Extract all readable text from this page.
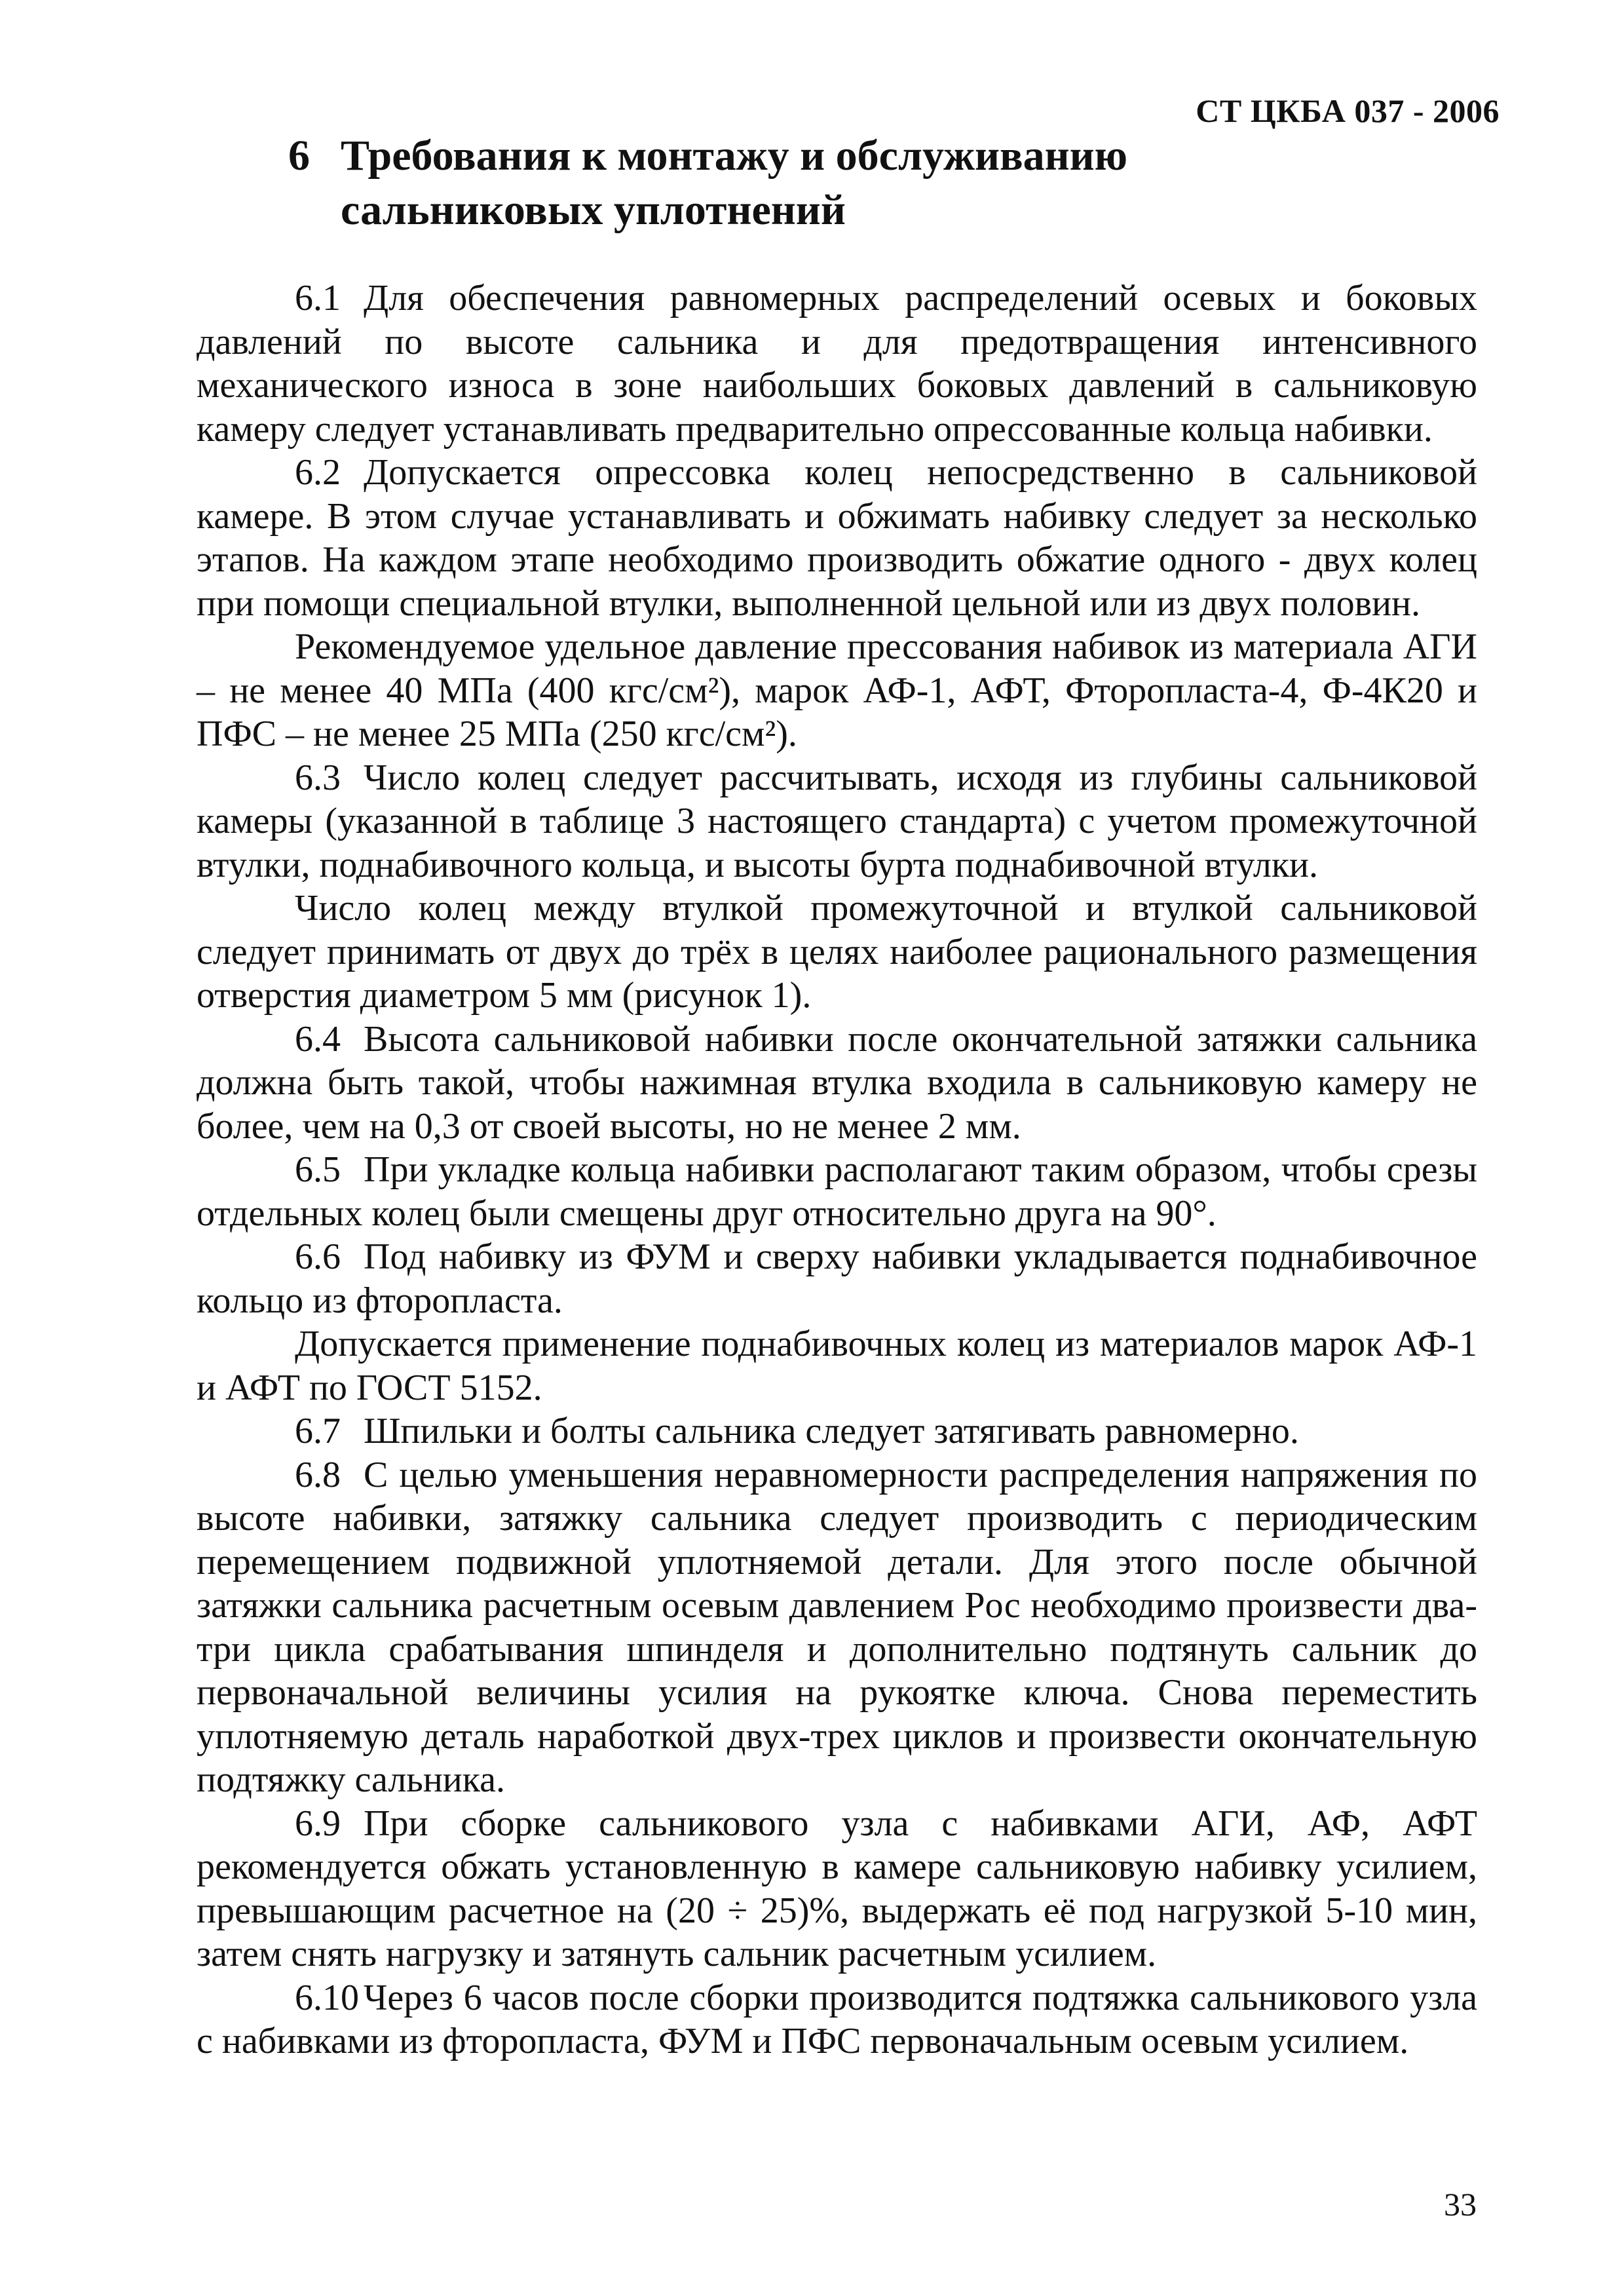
СТ ЦКБА 037 - 2006
6 Требования к монтажу и обслуживанию
сальниковых уплотнений

6.1 Для обеспечения равномерных распределений осевых и боковых давлений по высоте сальника и для предотвращения интенсивного механического износа в зоне наибольших боковых давлений в сальниковую камеру следует устанавливать предварительно опрессованные кольца набивки.

6.2 Допускается опрессовка колец непосредственно в сальниковой камере. В этом случае устанавливать и обжимать набивку следует за несколько этапов. На каждом этапе необходимо производить обжатие одного - двух колец при помощи специальной втулки, выполненной цельной или из двух половин.

Рекомендуемое удельное давление прессования набивок из материала АГИ – не менее 40 МПа (400 кгс/см²), марок АФ-1, АФТ, Фторопласта-4, Ф-4К20 и ПФС – не менее 25 МПа (250 кгс/см²).

6.3 Число колец следует рассчитывать, исходя из глубины сальниковой камеры (указанной в таблице 3 настоящего стандарта) с учетом промежуточной втулки, поднабивочного кольца, и высоты бурта поднабивочной втулки.

Число колец между втулкой промежуточной и втулкой сальниковой следует принимать от двух до трёх в целях наиболее рационального размещения отверстия диаметром 5 мм (рисунок 1).

6.4 Высота сальниковой набивки после окончательной затяжки сальника должна быть такой, чтобы нажимная втулка входила в сальниковую камеру не более, чем на 0,3 от своей высоты, но не менее 2 мм.

6.5 При укладке кольца набивки располагают таким образом, чтобы срезы отдельных колец были смещены друг относительно друга на 90°.

6.6 Под набивку из ФУМ и сверху набивки укладывается поднабивочное кольцо из фторопласта.

Допускается применение поднабивочных колец из материалов марок АФ-1 и АФТ по ГОСТ 5152.

6.7 Шпильки и болты сальника следует затягивать равномерно.

6.8 С целью уменьшения неравномерности распределения напряжения по высоте набивки, затяжку сальника следует производить с периодическим перемещением подвижной уплотняемой детали. Для этого после обычной затяжки сальника расчетным осевым давлением Pос необходимо произвести два-три цикла срабатывания шпинделя и дополнительно подтянуть сальник до первоначальной величины усилия на рукоятке ключа. Снова переместить уплотняемую деталь наработкой двух-трех циклов и произвести окончательную подтяжку сальника.

6.9 При сборке сальникового узла с набивками АГИ, АФ, АФТ рекомендуется обжать установленную в камере сальниковую набивку усилием, превышающим расчетное на (20 ÷ 25)%, выдержать её под нагрузкой 5-10 мин, затем снять нагрузку и затянуть сальник расчетным усилием.

6.10 Через 6 часов после сборки производится подтяжка сальникового узла с набивками из фторопласта, ФУМ и ПФС первоначальным осевым усилием.

33
